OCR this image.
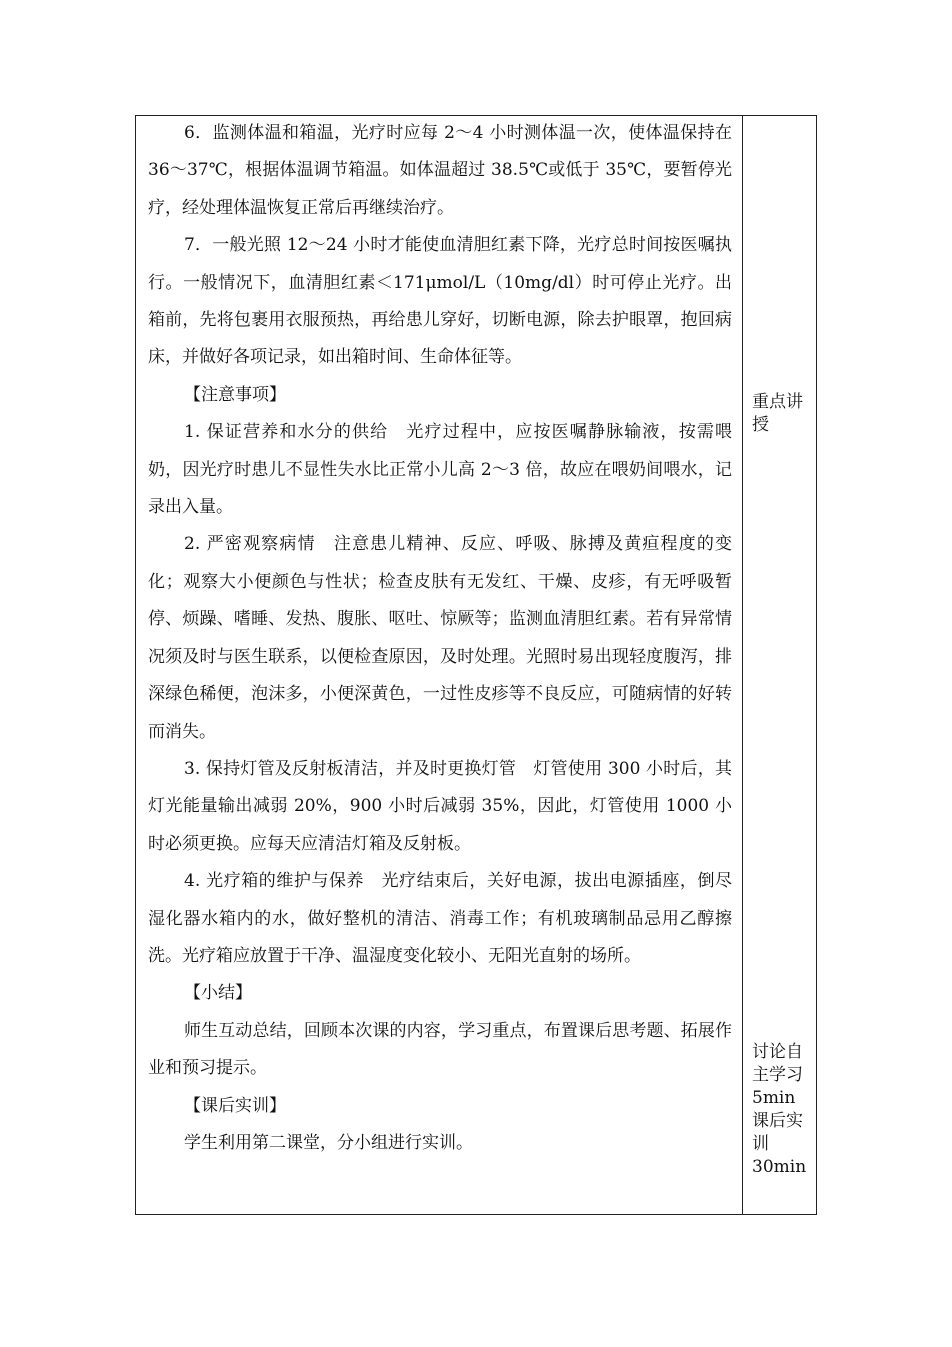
6．监测体温和箱温，光疗时应每 2～4 小时测体温一次，使体温保持在 36～37℃，根据体温调节箱温。如体温超过 38.5℃或低于 35℃，要暂停光疗，经处理体温恢复正常后再继续治疗。

7．一般光照 12～24 小时才能使血清胆红素下降，光疗总时间按医嘱执行。一般情况下，血清胆红素＜171μmol/L（10mg/dl）时可停止光疗。出箱前，先将包裹用衣服预热，再给患儿穿好，切断电源，除去护眼罩，抱回病床，并做好各项记录，如出箱时间、生命体征等。

【注意事项】

1. 保证营养和水分的供给　光疗过程中，应按医嘱静脉输液，按需喂奶，因光疗时患儿不显性失水比正常小儿高 2～3 倍，故应在喂奶间喂水，记录出入量。

2. 严密观察病情　注意患儿精神、反应、呼吸、脉搏及黄疸程度的变化；观察大小便颜色与性状；检查皮肤有无发红、干燥、皮疹，有无呼吸暂停、烦躁、嗜睡、发热、腹胀、呕吐、惊厥等；监测血清胆红素。若有异常情况须及时与医生联系，以便检查原因，及时处理。光照时易出现轻度腹泻，排深绿色稀便，泡沫多，小便深黄色，一过性皮疹等不良反应，可随病情的好转而消失。

3. 保持灯管及反射板清洁，并及时更换灯管　灯管使用 300 小时后，其灯光能量输出减弱 20%，900 小时后减弱 35%，因此，灯管使用 1000 小时必须更换。应每天应清洁灯箱及反射板。

4. 光疗箱的维护与保养　光疗结束后，关好电源，拔出电源插座，倒尽湿化器水箱内的水，做好整机的清洁、消毒工作；有机玻璃制品忌用乙醇擦洗。光疗箱应放置于干净、温湿度变化较小、无阳光直射的场所。

【小结】

师生互动总结，回顾本次课的内容，学习重点，布置课后思考题、拓展作业和预习提示。

【课后实训】

学生利用第二课堂，分小组进行实训。

重点讲授
讨论自
主学习
5min
课后实
训
30min
